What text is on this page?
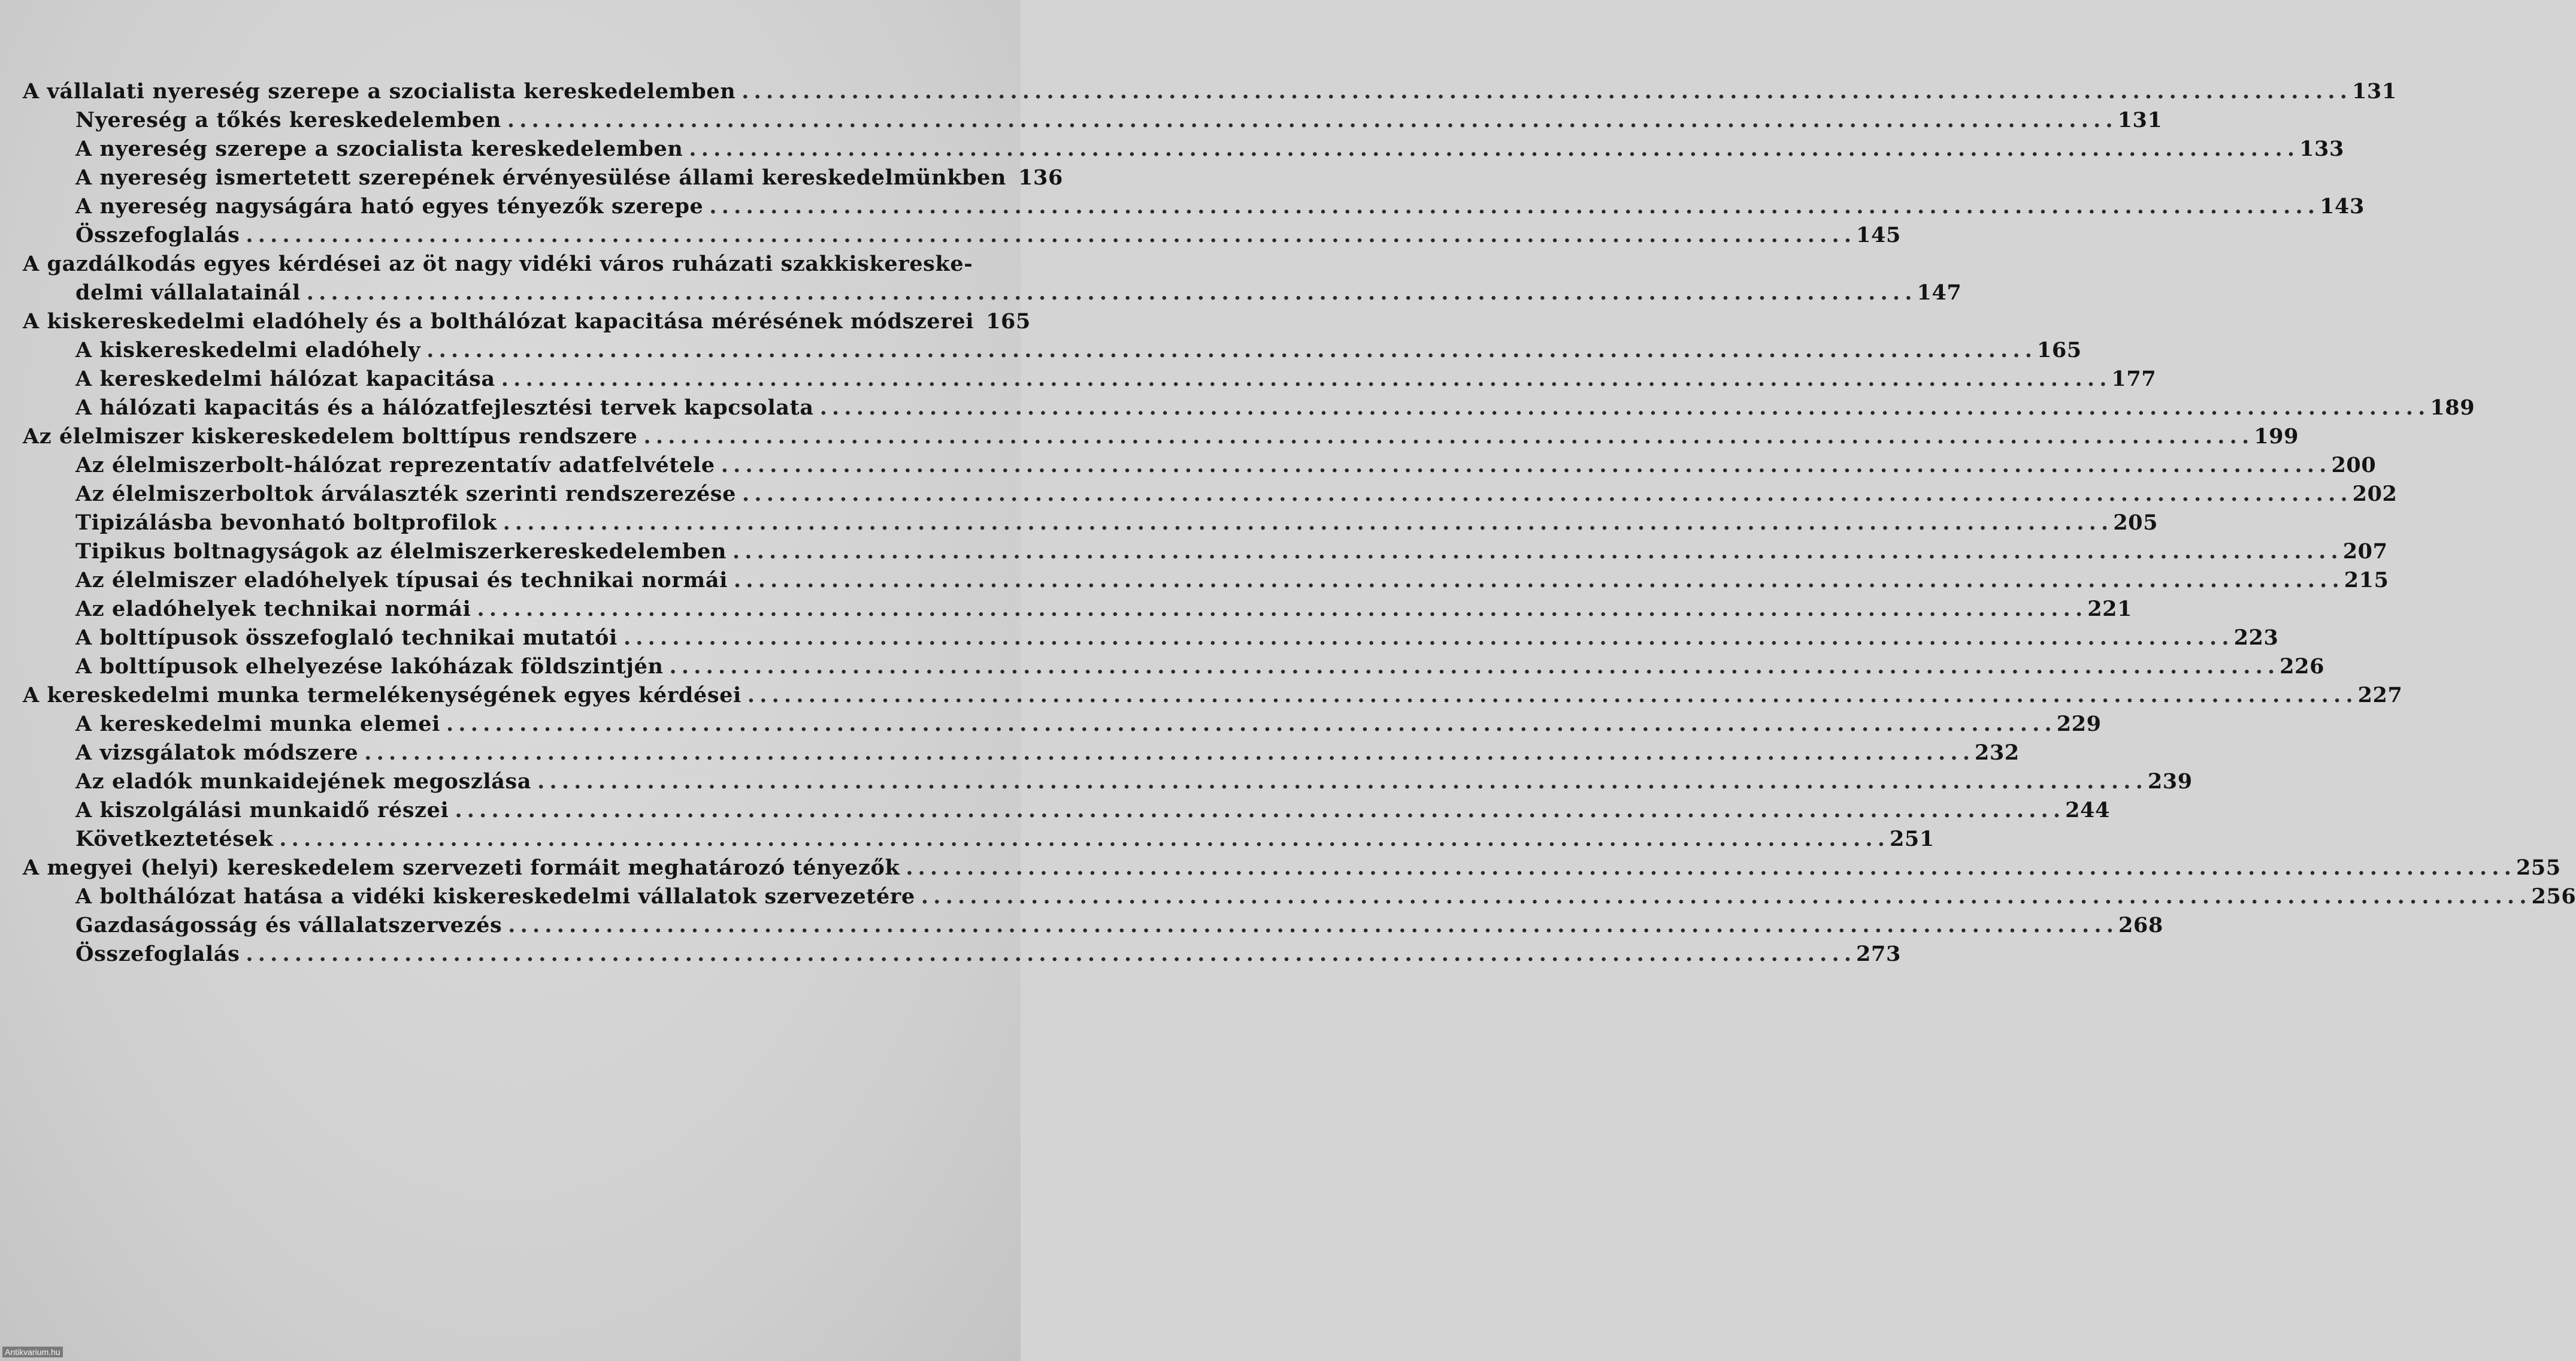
A vállalati nyereség szerepe a szocialista kereskedelemben . . .	131
Nyereség a tőkés kereskedelemben . . .	131
A nyereség szerepe a szocialista kereskedelemben . . .	133
A nyereség ismertetett szerepének érvényesülése állami kereskedelmünkben 136
A nyereség nagyságára ható egyes tényezők szerepe . . .	143
Összefoglalás . . .	145
A gazdálkodás egyes kérdései az öt nagy vidéki város ruházati szakkiskereske-
delmi vállalatainál . . .	147
A kiskereskedelmi eladóhely és a bolthálózat kapacitása mérésének módszerei 165
A kiskereskedelmi eladóhely . . .	165
A kereskedelmi hálózat kapacitása . . .	177
A hálózati kapacitás és a hálózatfejlesztési tervek kapcsolata . . .	189
Az élelmiszer kiskereskedelem bolttípus rendszere . . .	199
Az élelmiszerbolt-hálózat reprezentatív adatfelvétele . . .	200
Az élelmiszerboltok árválaszték szerinti rendszerezése . . .	202
Tipizálásba bevonható boltprofilok . . .	205
Tipikus boltnagyságok az élelmiszerkereskedelemben . . .	207
Az élelmiszer eladóhelyek típusai és technikai normái . . .	215
Az eladóhelyek technikai normái . . .	221
A bolttípusok összefoglaló technikai mutatói . . .	223
A bolttípusok elhelyezése lakóházak földszintjén . . .	226
A kereskedelmi munka termelékenységének egyes kérdései . . .	227
A kereskedelmi munka elemei . . .	229
A vizsgálatok módszere . . .	232
Az eladók munkaidejének megoszlása . . .	239
A kiszolgálási munkaidő részei . . .	244
Következtetések . . .	251
A megyei (helyi) kereskedelem szervezeti formáit meghatározó tényezők . . .	255
A bolthálózat hatása a vidéki kiskereskedelmi vállalatok szervezetére . . .	256
Gazdaságosság és vállalatszervezés . . .	268
Összefoglalás . . .	273
Antikvarium.hu
